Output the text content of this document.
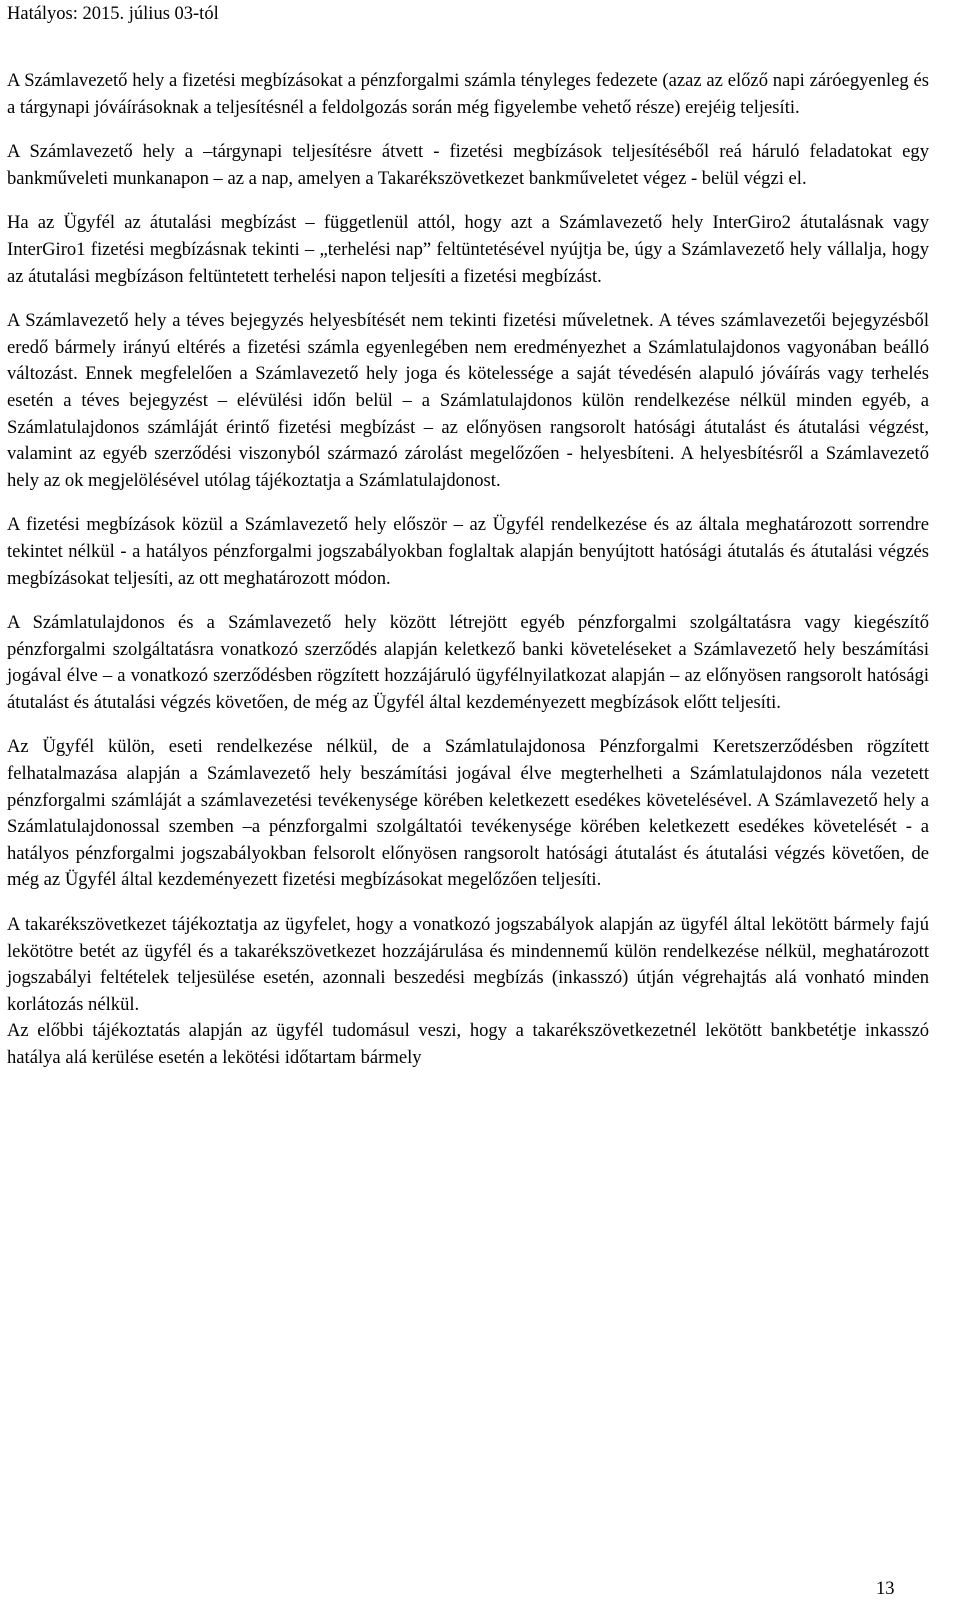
Hatályos: 2015. július 03-tól

A Számlavezető hely a fizetési megbízásokat a pénzforgalmi számla tényleges fedezete (azaz az előző napi záróegyenleg és a tárgynapi jóváírásoknak a teljesítésnél a feldolgozás során még figyelembe vehető része) erejéig teljesíti.

A Számlavezető hely a –tárgynapi teljesítésre átvett - fizetési megbízások teljesítéséből reá háruló feladatokat egy bankműveleti munkanapon – az a nap, amelyen a Takarékszövetkezet bankműveletet végez - belül végzi el.

Ha az Ügyfél az átutalási megbízást – függetlenül attól, hogy azt a Számlavezető hely InterGiro2 átutalásnak vagy InterGiro1 fizetési megbízásnak tekinti – „terhelési nap” feltüntetésével nyújtja be, úgy a Számlavezető hely vállalja, hogy az átutalási megbízáson feltüntetett terhelési napon teljesíti a fizetési megbízást.

A Számlavezető hely a téves bejegyzés helyesbítését nem tekinti fizetési műveletnek. A téves számlavezetői bejegyzésből eredő bármely irányú eltérés a fizetési számla egyenlegében nem eredményezhet a Számlatulajdonos vagyonában beálló változást. Ennek megfelelően a Számlavezető hely joga és kötelessége a saját tévedésén alapuló jóváírás vagy terhelés esetén a téves bejegyzést – elévülési időn belül – a Számlatulajdonos külön rendelkezése nélkül minden egyéb, a Számlatulajdonos számláját érintő fizetési megbízást – az előnyösen rangsorolt hatósági átutalást és átutalási végzést, valamint az egyéb szerződési viszonyból származó zárolást megelőzően - helyesbíteni. A helyesbítésről a Számlavezető hely az ok megjelölésével utólag tájékoztatja a Számlatulajdonost.

A fizetési megbízások közül a Számlavezető hely először – az Ügyfél rendelkezése és az általa meghatározott sorrendre tekintet nélkül - a hatályos pénzforgalmi jogszabályokban foglaltak alapján benyújtott hatósági átutalás és átutalási végzés megbízásokat teljesíti, az ott meghatározott módon.

A Számlatulajdonos és a Számlavezető hely között létrejött egyéb pénzforgalmi szolgáltatásra vagy kiegészítő pénzforgalmi szolgáltatásra vonatkozó szerződés alapján keletkező banki követeléseket a Számlavezető hely beszámítási jogával élve – a vonatkozó szerződésben rögzített hozzájáruló ügyfélnyilatkozat alapján – az előnyösen rangsorolt hatósági átutalást és átutalási végzés követően, de még az Ügyfél által kezdeményezett megbízások előtt teljesíti.

Az Ügyfél külön, eseti rendelkezése nélkül, de a Számlatulajdonosa Pénzforgalmi Keretszerződésben rögzített felhatalmazása alapján a Számlavezető hely beszámítási jogával élve megterhelheti a Számlatulajdonos nála vezetett pénzforgalmi számláját a számlavezetési tevékenysége körében keletkezett esedékes követelésével. A Számlavezető hely a Számlatulajdonossal szemben –a pénzforgalmi szolgáltatói tevékenysége körében keletkezett esedékes követelését - a hatályos pénzforgalmi jogszabályokban felsorolt előnyösen rangsorolt hatósági átutalást és átutalási végzés követően, de még az Ügyfél által kezdeményezett fizetési megbízásokat megelőzően teljesíti.

A takarékszövetkezet tájékoztatja az ügyfelet, hogy a vonatkozó jogszabályok alapján az ügyfél által lekötött bármely fajú lekötötre betét az ügyfél és a takarékszövetkezet hozzájárulása és mindennemű külön rendelkezése nélkül, meghatározott jogszabályi feltételek teljesülése esetén, azonnali beszedési megbízás (inkasszó) útján végrehajtás alá vonható minden korlátozás nélkül.

Az előbbi tájékoztatás alapján az ügyfél tudomásul veszi, hogy a takarékszövetkezetnél lekötött bankbetétje inkasszó hatálya alá kerülése esetén a lekötési időtartam bármely

13
